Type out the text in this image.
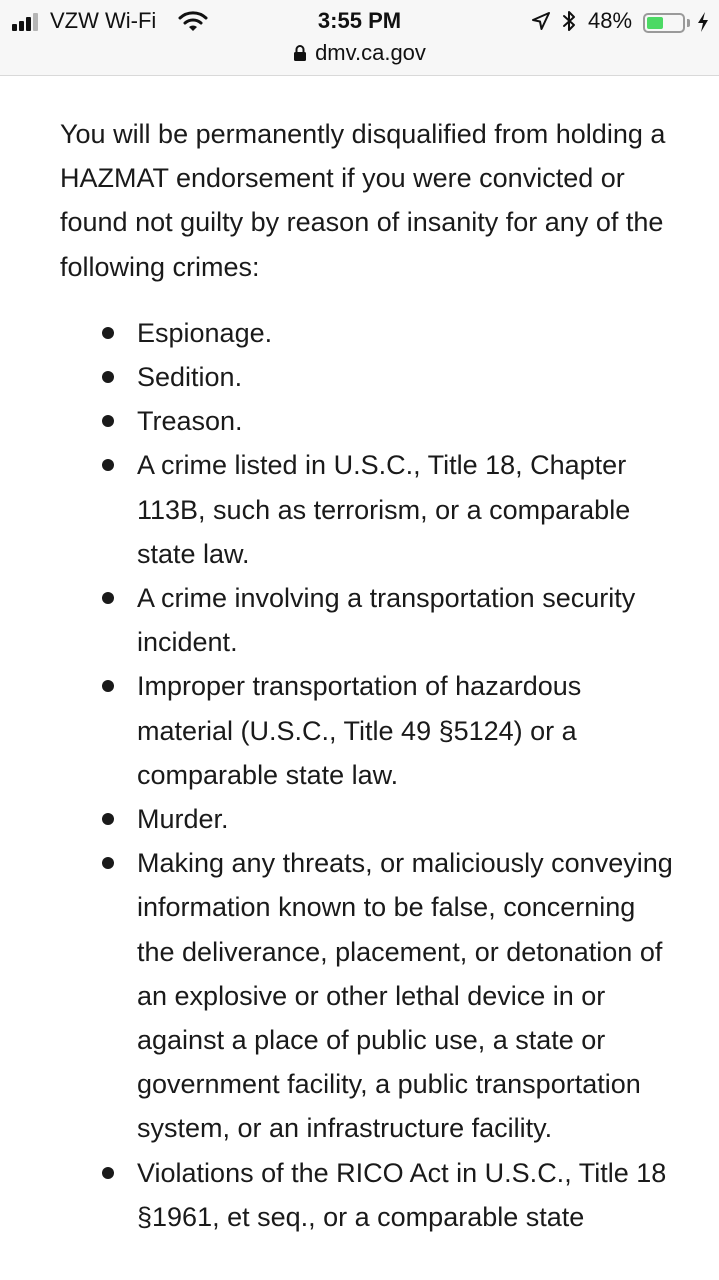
VZW Wi-Fi	3:55 PM	48%
dmv.ca.gov

You will be permanently disqualified from holding a HAZMAT endorsement if you were convicted or found not guilty by reason of insanity for any of the following crimes:

Espionage.
Sedition.
Treason.
A crime listed in U.S.C., Title 18, Chapter 113B, such as terrorism, or a comparable state law.
A crime involving a transportation security incident.
Improper transportation of hazardous material (U.S.C., Title 49 §5124) or a comparable state law.
Murder.
Making any threats, or maliciously conveying information known to be false, concerning the deliverance, placement, or detonation of an explosive or other lethal device in or against a place of public use, a state or government facility, a public transportation system, or an infrastructure facility.
Violations of the RICO Act in U.S.C., Title 18 §1961, et seq., or a comparable state
